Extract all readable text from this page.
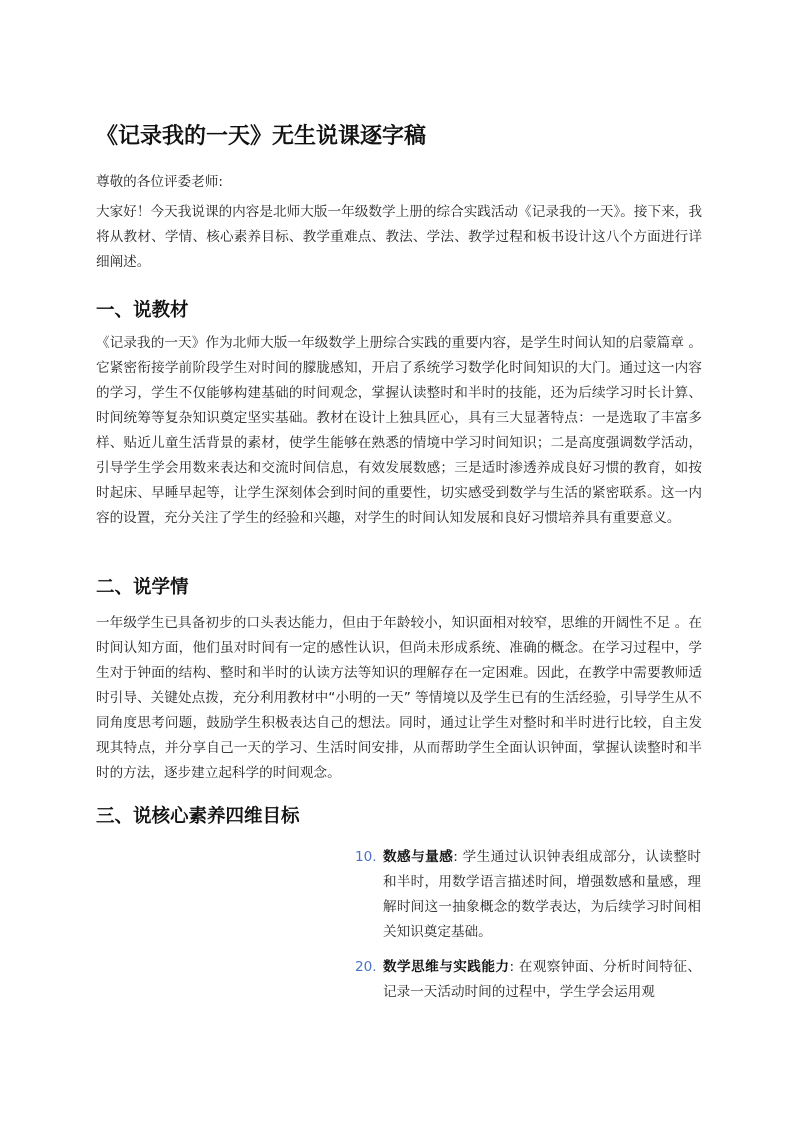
《记录我的一天》无生说课逐字稿

尊敬的各位评委老师:

大家好！今天我说课的内容是北师大版一年级数学上册的综合实践活动《记录我的一天》。接下来，我将从教材、学情、核心素养目标、教学重难点、教法、学法、教学过程和板书设计这八个方面进行详细阐述。

一、说教材

《记录我的一天》作为北师大版一年级数学上册综合实践的重要内容，是学生时间认知的启蒙篇章 。它紧密衔接学前阶段学生对时间的朦胧感知，开启了系统学习数学化时间知识的大门。通过这一内容的学习，学生不仅能够构建基础的时间观念，掌握认读整时和半时的技能，还为后续学习时长计算、时间统筹等复杂知识奠定坚实基础。教材在设计上独具匠心，具有三大显著特点：一是选取了丰富多样、贴近儿童生活背景的素材，使学生能够在熟悉的情境中学习时间知识；二是高度强调数学活动，引导学生学会用数来表达和交流时间信息，有效发展数感；三是适时渗透养成良好习惯的教育，如按时起床、早睡早起等，让学生深刻体会到时间的重要性，切实感受到数学与生活的紧密联系。这一内容的设置，充分关注了学生的经验和兴趣，对学生的时间认知发展和良好习惯培养具有重要意义。

二、说学情

一年级学生已具备初步的口头表达能力，但由于年龄较小，知识面相对较窄，思维的开阔性不足 。在时间认知方面，他们虽对时间有一定的感性认识，但尚未形成系统、准确的概念。在学习过程中，学生对于钟面的结构、整时和半时的认读方法等知识的理解存在一定困难。因此，在教学中需要教师适时引导、关键处点拨，充分利用教材中“小明的一天” 等情境以及学生已有的生活经验，引导学生从不同角度思考问题，鼓励学生积极表达自己的想法。同时，通过让学生对整时和半时进行比较，自主发现其特点，并分享自己一天的学习、生活时间安排，从而帮助学生全面认识钟面，掌握认读整时和半时的方法，逐步建立起科学的时间观念。

三、说核心素养四维目标
10. 数感与量感: 学生通过认识钟表组成部分，认读整时和半时，用数学语言描述时间，增强数感和量感，理解时间这一抽象概念的数学表达，为后续学习时间相关知识奠定基础。
20. 数学思维与实践能力: 在观察钟面、分析时间特征、记录一天活动时间的过程中，学生学会运用观
